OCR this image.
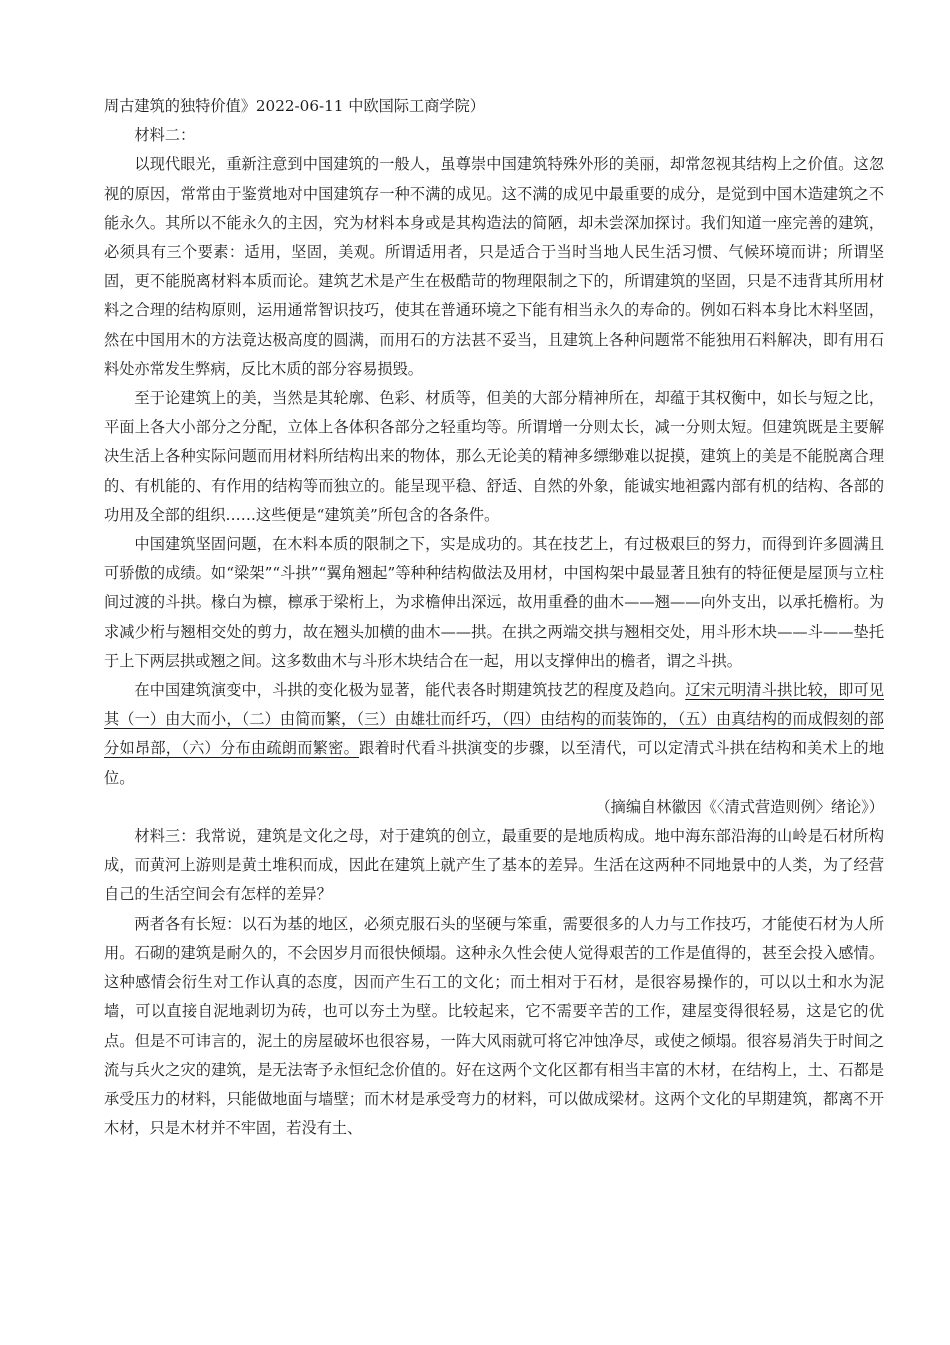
周古建筑的独特价值》2022-06-11 中欧国际工商学院）

材料二：

以现代眼光，重新注意到中国建筑的一般人，虽尊崇中国建筑特殊外形的美丽，却常忽视其结构上之价值。这忽视的原因，常常由于鉴赏地对中国建筑存一种不满的成见。这不满的成见中最重要的成分，是觉到中国木造建筑之不能永久。其所以不能永久的主因，究为材料本身或是其构造法的简陋，却未尝深加探讨。我们知道一座完善的建筑，必须具有三个要素：适用，坚固，美观。所谓适用者，只是适合于当时当地人民生活习惯、气候环境而讲；所谓坚固，更不能脱离材料本质而论。建筑艺术是产生在极酷苛的物理限制之下的，所谓建筑的坚固，只是不违背其所用材料之合理的结构原则，运用通常智识技巧，使其在普通环境之下能有相当永久的寿命的。例如石料本身比木料坚固，然在中国用木的方法竟达极高度的圆满，而用石的方法甚不妥当，且建筑上各种问题常不能独用石料解决，即有用石料处亦常发生弊病，反比木质的部分容易损毁。

至于论建筑上的美，当然是其轮廓、色彩、材质等，但美的大部分精神所在，却蕴于其权衡中，如长与短之比，平面上各大小部分之分配，立体上各体积各部分之轻重均等。所谓增一分则太长，减一分则太短。但建筑既是主要解决生活上各种实际问题而用材料所结构出来的物体，那么无论美的精神多缥缈难以捉摸，建筑上的美是不能脱离合理的、有机能的、有作用的结构等而独立的。能呈现平稳、舒适、自然的外象，能诚实地袒露内部有机的结构、各部的功用及全部的组织……这些便是“建筑美”所包含的各条件。

中国建筑坚固问题，在木料本质的限制之下，实是成功的。其在技艺上，有过极艰巨的努力，而得到许多圆满且可骄傲的成绩。如“梁架”“斗拱”“翼角翘起”等种种结构做法及用材，中国构架中最显著且独有的特征便是屋顶与立柱间过渡的斗拱。椽白为檩，檩承于梁桁上，为求檐伸出深远，故用重叠的曲木——翘——向外支出，以承托檐桁。为求减少桁与翘相交处的剪力，故在翘头加横的曲木——拱。在拱之两端交拱与翘相交处，用斗形木块——斗——垫托于上下两层拱或翘之间。这多数曲木与斗形木块结合在一起，用以支撑伸出的檐者，谓之斗拱。

在中国建筑演变中，斗拱的变化极为显著，能代表各时期建筑技艺的程度及趋向。辽宋元明清斗拱比较，即可见其（一）由大而小，（二）由简而繁，（三）由雄壮而纤巧，（四）由结构的而装饰的，（五）由真结构的而成假刻的部分如昂部，（六）分布由疏朗而繁密。跟着时代看斗拱演变的步骤，以至清代，可以定清式斗拱在结构和美术上的地位。

（摘编自林徽因《〈清式营造则例〉绪论》）

材料三：我常说，建筑是文化之母，对于建筑的创立，最重要的是地质构成。地中海东部沿海的山岭是石材所构成，而黄河上游则是黄土堆积而成，因此在建筑上就产生了基本的差异。生活在这两种不同地景中的人类，为了经营自己的生活空间会有怎样的差异？

两者各有长短：以石为基的地区，必须克服石头的坚硬与笨重，需要很多的人力与工作技巧，才能使石材为人所用。石砌的建筑是耐久的，不会因岁月而很快倾塌。这种永久性会使人觉得艰苦的工作是值得的，甚至会投入感情。这种感情会衍生对工作认真的态度，因而产生石工的文化；而土相对于石材，是很容易操作的，可以以土和水为泥墙，可以直接自泥地剥切为砖，也可以夯土为壁。比较起来，它不需要辛苦的工作，建屋变得很轻易，这是它的优点。但是不可讳言的，泥土的房屋破坏也很容易，一阵大风雨就可将它冲蚀净尽，或使之倾塌。很容易消失于时间之流与兵火之灾的建筑，是无法寄予永恒纪念价值的。好在这两个文化区都有相当丰富的木材，在结构上，土、石都是承受压力的材料，只能做地面与墙壁；而木材是承受弯力的材料，可以做成梁材。这两个文化的早期建筑，都离不开木材，只是木材并不牢固，若没有土、
